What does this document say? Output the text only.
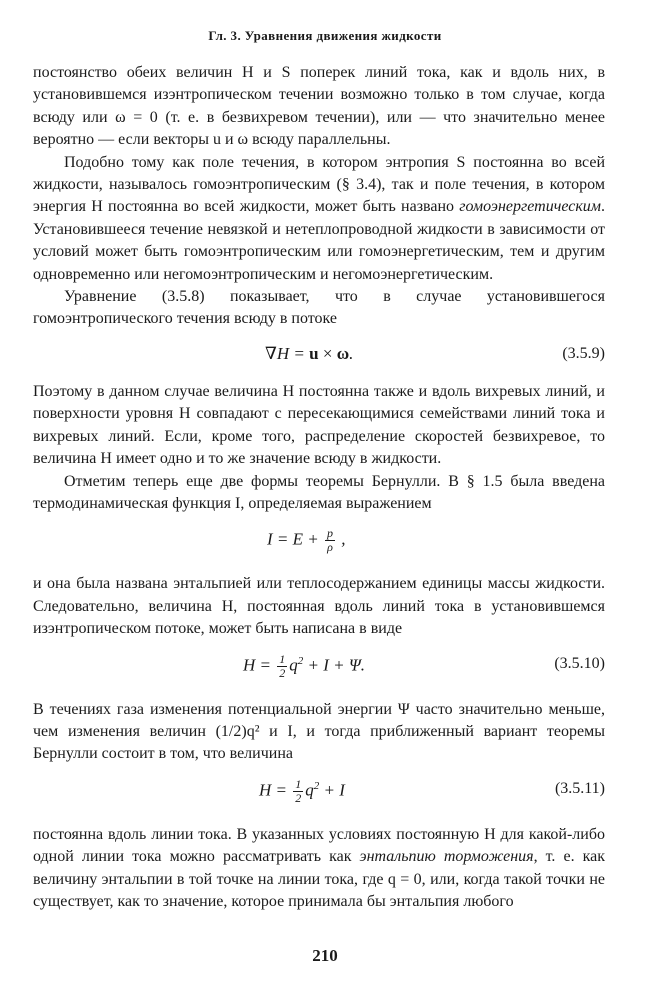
Гл. 3. Уравнения движения жидкости

постоянство обеих величин H и S поперек линий тока, как и вдоль них, в установившемся изэнтропическом течении возможно только в том случае, когда всюду или ω = 0 (т. е. в безвихревом течении), или — что значительно менее вероятно — если векторы u и ω всюду параллельны.

Подобно тому как поле течения, в котором энтропия S постоянна во всей жидкости, называлось гомоэнтропическим (§ 3.4), так и поле течения, в котором энергия H постоянна во всей жидкости, может быть названо гомоэнергетическим. Установившееся течение невязкой и нетеплопроводной жидкости в зависимости от условий может быть гомоэнтропическим или гомоэнергетическим, тем и другим одновременно или негомоэнтропическим и негомоэнергетическим.

Уравнение (3.5.8) показывает, что в случае установившегося гомоэнтропического течения всюду в потоке

∇H = u × ω.	(3.5.9)

Поэтому в данном случае величина H постоянна также и вдоль вихревых линий, и поверхности уровня H совпадают с пересекающимися семействами линий тока и вихревых линий. Если, кроме того, распределение скоростей безвихревое, то величина H имеет одно и то же значение всюду в жидкости.

Отметим теперь еще две формы теоремы Бернулли. В § 1.5 была введена термодинамическая функция I, определяемая выражением

$I = E + \frac{p}{\rho}$ ,

и она была названа энтальпией или теплосодержанием единицы массы жидкости. Следовательно, величина H, постоянная вдоль линий тока в установившемся изэнтропическом потоке, может быть написана в виде

$H = \frac{1}{2} q^2 + I + \Psi$.	(3.5.10)

В течениях газа изменения потенциальной энергии Ψ часто значительно меньше, чем изменения величин (1/2)q² и I, и тогда приближенный вариант теоремы Бернулли состоит в том, что величина

$H = \frac{1}{2} q^2 + I$	(3.5.11)

постоянна вдоль линии тока. В указанных условиях постоянную H для какой-либо одной линии тока можно рассматривать как энтальпию торможения, т. е. как величину энтальпии в той точке на линии тока, где q = 0, или, когда такой точки не существует, как то значение, которое принимала бы энтальпия любого

210
